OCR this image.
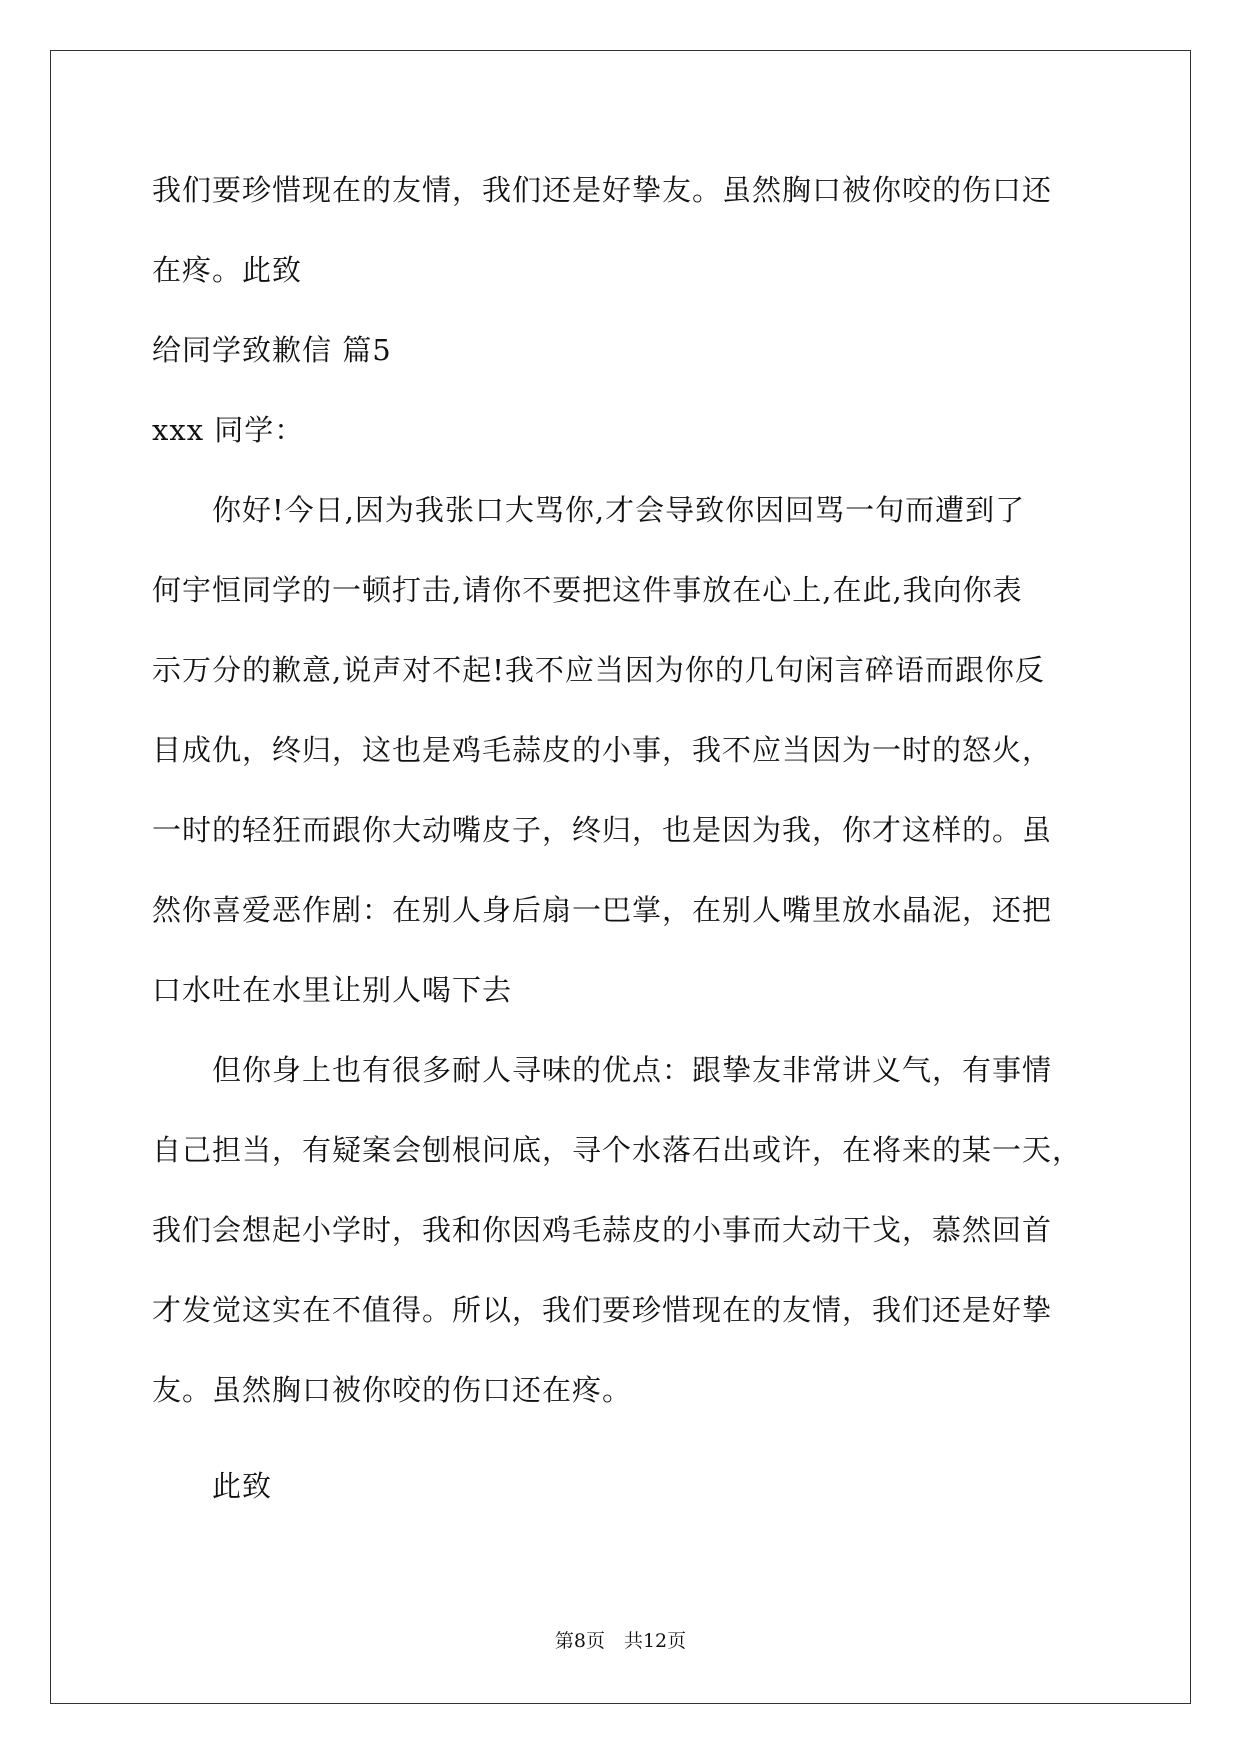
我们要珍惜现在的友情，我们还是好挚友。虽然胸口被你咬的伤口还
在疼。此致
给同学致歉信 篇5
xxx 同学：
你好!今日,因为我张口大骂你,才会导致你因回骂一句而遭到了
何宇恒同学的一顿打击,请你不要把这件事放在心上,在此,我向你表
示万分的歉意,说声对不起!我不应当因为你的几句闲言碎语而跟你反
目成仇，终归，这也是鸡毛蒜皮的小事，我不应当因为一时的怒火，
一时的轻狂而跟你大动嘴皮子，终归，也是因为我，你才这样的。虽
然你喜爱恶作剧：在别人身后扇一巴掌，在别人嘴里放水晶泥，还把
口水吐在水里让别人喝下去
但你身上也有很多耐人寻味的优点：跟挚友非常讲义气，有事情
自己担当，有疑案会刨根问底，寻个水落石出或许，在将来的某一天，
我们会想起小学时，我和你因鸡毛蒜皮的小事而大动干戈，慕然回首
才发觉这实在不值得。所以，我们要珍惜现在的友情，我们还是好挚
友。虽然胸口被你咬的伤口还在疼。
此致
第8页　共12页
